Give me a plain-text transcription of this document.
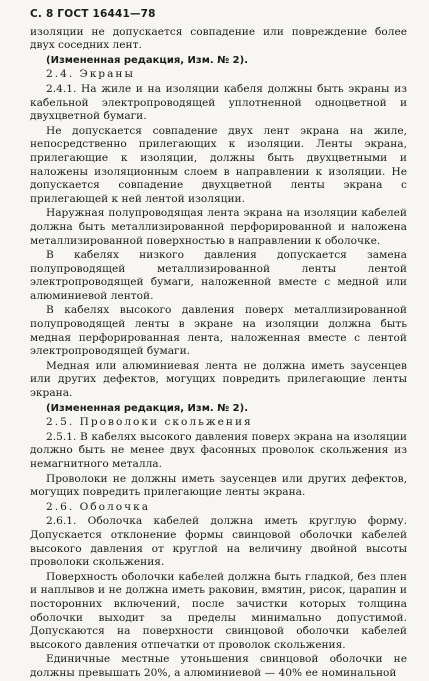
С. 8 ГОСТ 16441—78

изоляции не допускается совпадение или повреждение более двух соседних лент.

(Измененная редакция, Изм. № 2).

2.4. Экраны

2.4.1. На жиле и на изоляции кабеля должны быть экраны из кабельной электропроводящей уплотненной одноцветной и двухцветной бумаги.

Не допускается совпадение двух лент экрана на жиле, непосредственно прилегающих к изоляции. Ленты экрана, прилегающие к изоляции, должны быть двухцветными и наложены изоляционным слоем в направлении к изоляции. Не допускается совпадение двухцветной ленты экрана с прилегающей к ней лентой изоляции.

Наружная полупроводящая лента экрана на изоляции кабелей должна быть металлизированной перфорированной и наложена металлизированной поверхностью в направлении к оболочке.

В кабелях низкого давления допускается замена полупроводящей металлизированной ленты лентой электропроводящей бумаги, наложенной вместе с медной или алюминиевой лентой.

В кабелях высокого давления поверх металлизированной полупроводящей ленты в экране на изоляции должна быть медная перфорированная лента, наложенная вместе с лентой электропроводящей бумаги.

Медная или алюминиевая лента не должна иметь заусенцев или других дефектов, могущих повредить прилегающие ленты экрана.

(Измененная редакция, Изм. № 2).

2.5. Проволоки скольжения

2.5.1. В кабелях высокого давления поверх экрана на изоляции должно быть не менее двух фасонных проволок скольжения из немагнитного металла.

Проволоки не должны иметь заусенцев или других дефектов, могущих повредить прилегающие ленты экрана.

2.6. Оболочка

2.6.1. Оболочка кабелей должна иметь круглую форму. Допускается отклонение формы свинцовой оболочки кабелей высокого давления от круглой на величину двойной высоты проволоки скольжения.

Поверхность оболочки кабелей должна быть гладкой, без плен и наплывов и не должна иметь раковин, вмятин, рисок, царапин и посторонних включений, после зачистки которых толщина оболочки выходит за пределы минимально допустимой. Допускаются на поверхности свинцовой оболочки кабелей высокого давления отпечатки от проволок скольжения.

Единичные местные утоньшения свинцовой оболочки не должны превышать 20%, а алюминиевой — 40% ее номинальной
